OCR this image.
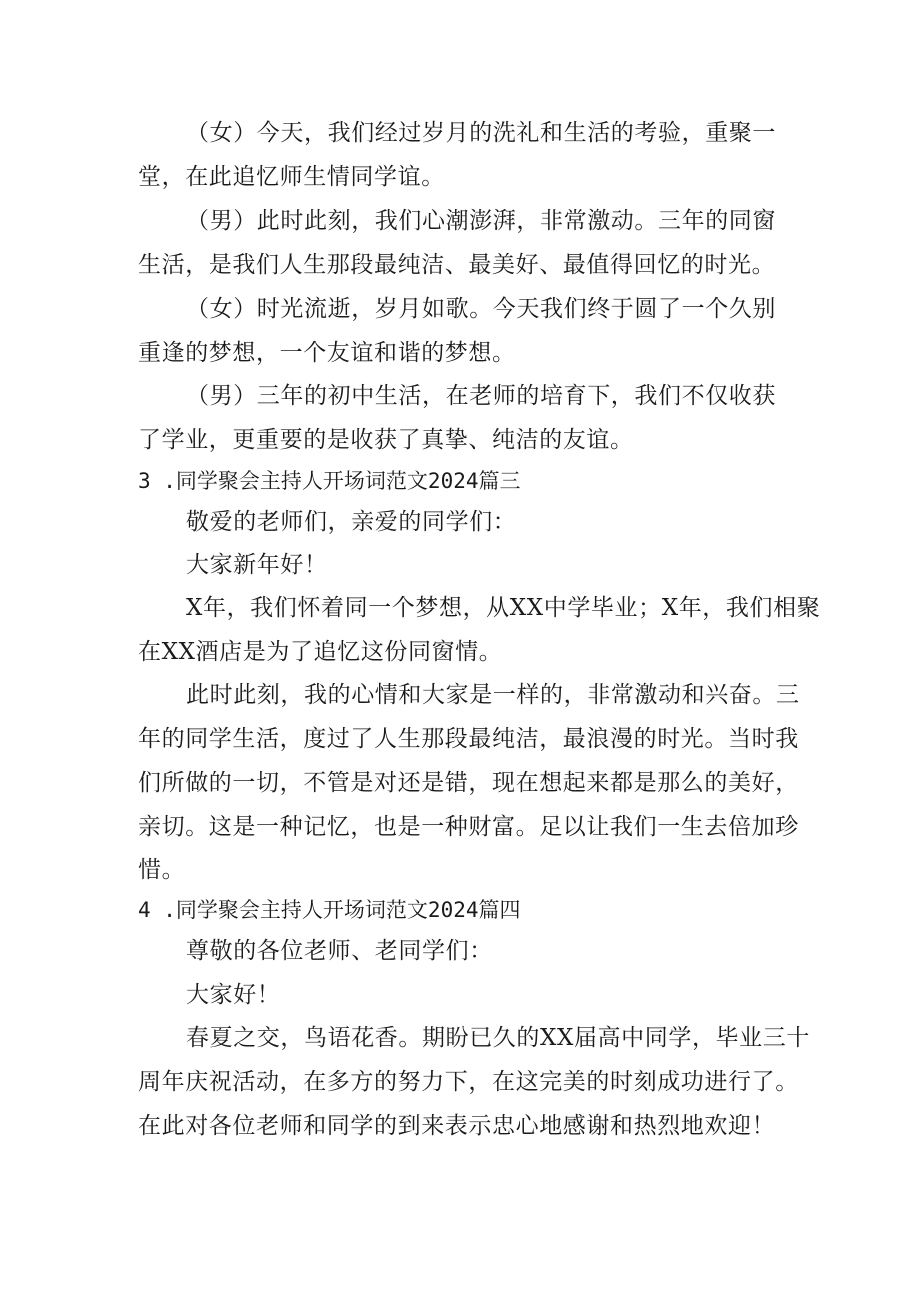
（女）今天，我们经过岁月的洗礼和生活的考验，重聚一
堂，在此追忆师生情同学谊。
（男）此时此刻，我们心潮澎湃，非常激动。三年的同窗
生活，是我们人生那段最纯洁、最美好、最值得回忆的时光。
（女）时光流逝，岁月如歌。今天我们终于圆了一个久别
重逢的梦想，一个友谊和谐的梦想。
（男）三年的初中生活，在老师的培育下，我们不仅收获
了学业，更重要的是收获了真挚、纯洁的友谊。
3 .同学聚会主持人开场词范文2024篇三
敬爱的老师们，亲爱的同学们：
大家新年好！
X年，我们怀着同一个梦想，从XX中学毕业；X年，我们相聚
在XX酒店是为了追忆这份同窗情。
此时此刻，我的心情和大家是一样的，非常激动和兴奋。三
年的同学生活，度过了人生那段最纯洁，最浪漫的时光。当时我
们所做的一切，不管是对还是错，现在想起来都是那么的美好，
亲切。这是一种记忆，也是一种财富。足以让我们一生去倍加珍
惜。
4 .同学聚会主持人开场词范文2024篇四
尊敬的各位老师、老同学们：
大家好！
春夏之交，鸟语花香。期盼已久的XX届高中同学，毕业三十
周年庆祝活动，在多方的努力下，在这完美的时刻成功进行了。
在此对各位老师和同学的到来表示忠心地感谢和热烈地欢迎！
